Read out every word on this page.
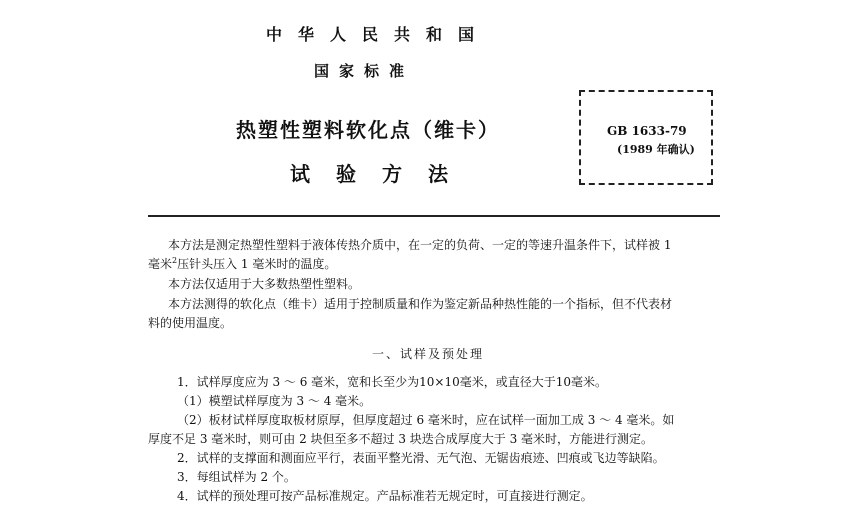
中华人民共和国
国家标准
热塑性塑料软化点（维卡）
试验方法
GB 1633-79
(1989 年确认)
本方法是测定热塑性塑料于液体传热介质中，在一定的负荷、一定的等速升温条件下，试样被 1
毫米$^2$压针头压入 1 毫米时的温度。
本方法仅适用于大多数热塑性塑料。
本方法测得的软化点（维卡）适用于控制质量和作为鉴定新品种热性能的一个指标，但不代表材
料的使用温度。
一、试样及预处理
1．试样厚度应为 3 ～ 6 毫米，宽和长至少为10×10毫米，或直径大于10毫米。
（1）模塑试样厚度为 3 ～ 4 毫米。
（2）板材试样厚度取板材原厚，但厚度超过 6 毫米时，应在试样一面加工成 3 ～ 4 毫米。如
厚度不足 3 毫米时，则可由 2 块但至多不超过 3 块迭合成厚度大于 3 毫米时，方能进行测定。
2．试样的支撑面和测面应平行，表面平整光滑、无气泡、无锯齿痕迹、凹痕或飞边等缺陷。
3．每组试样为 2 个。
4．试样的预处理可按产品标准规定。产品标准若无规定时，可直接进行测定。
